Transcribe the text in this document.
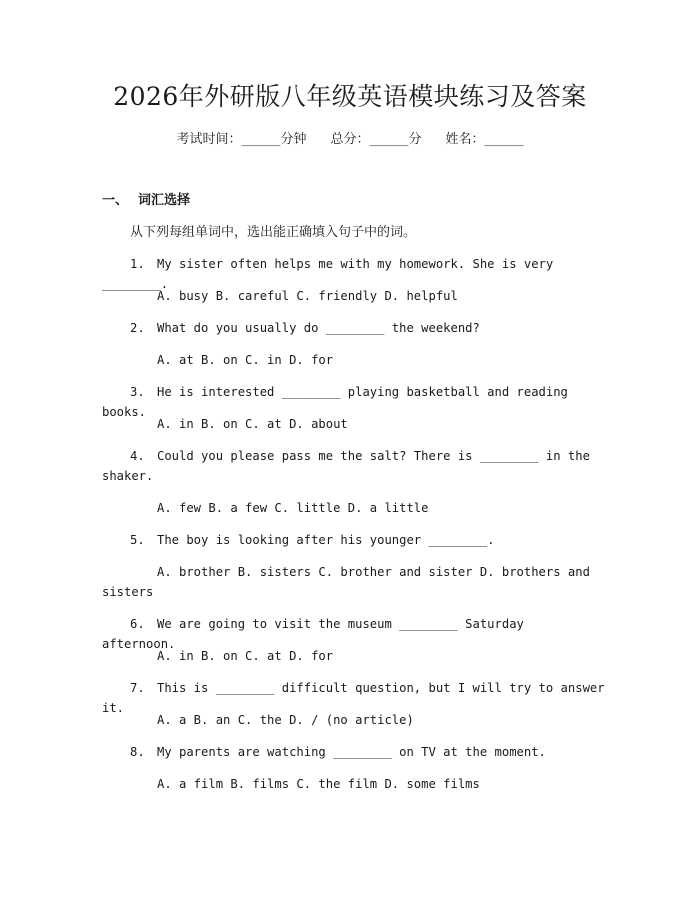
2026年外研版八年级英语模块练习及答案
考试时间：______分钟 总分：______分 姓名：______
一、 词汇选择
从下列每组单词中，选出能正确填入句子中的词。
1. My sister often helps me with my homework. She is very ________.
A. busy B. careful C. friendly D. helpful
2. What do you usually do ________ the weekend?
A. at B. on C. in D. for
3. He is interested ________ playing basketball and reading books.
A. in B. on C. at D. about
4. Could you please pass me the salt? There is ________ in the shaker.
A. few B. a few C. little D. a little
5. The boy is looking after his younger ________.
A. brother B. sisters C. brother and sister D. brothers and sisters
6. We are going to visit the museum ________ Saturday afternoon.
A. in B. on C. at D. for
7. This is ________ difficult question, but I will try to answer it.
A. a B. an C. the D. / (no article)
8. My parents are watching ________ on TV at the moment.
A. a film B. films C. the film D. some films
